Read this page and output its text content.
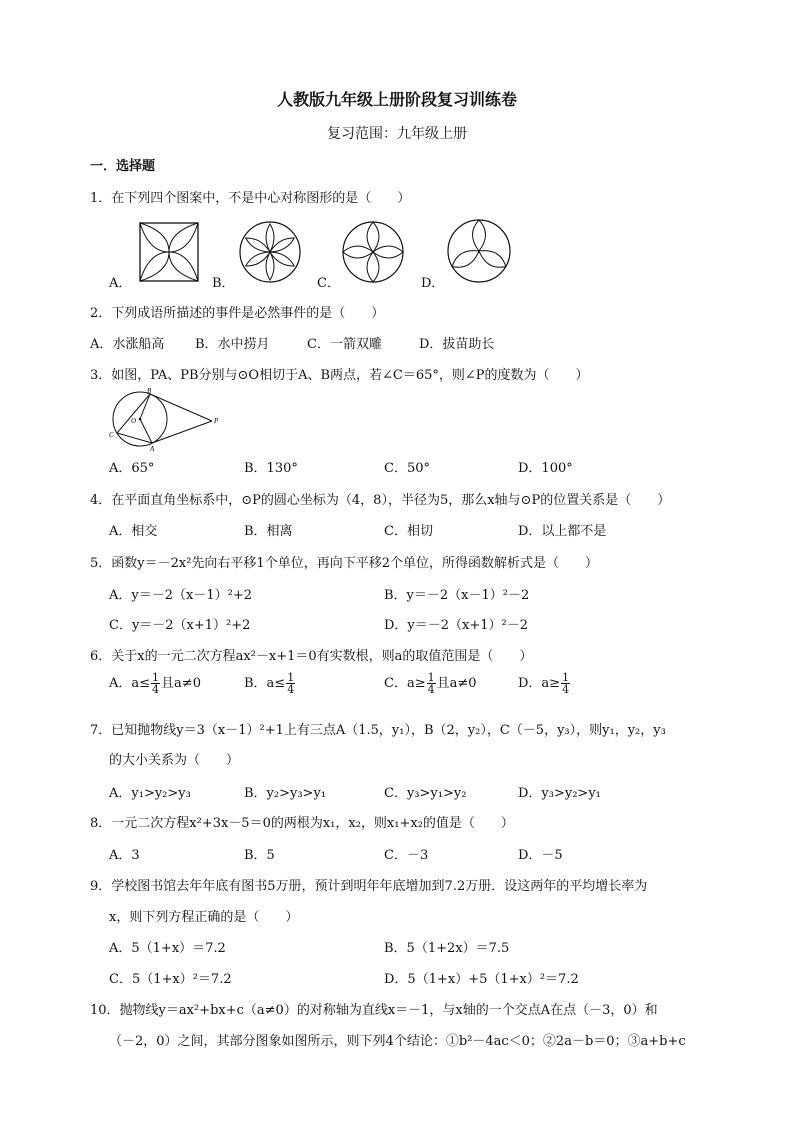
人教版九年级上册阶段复习训练卷
复习范围：九年级上册
一．选择题
1．在下列四个图案中，不是中心对称图形的是（　　）
A．	B．	C．	D．
2．下列成语所描述的事件是必然事件的是（　　）
A．水涨船高 B．水中捞月	C．一箭双雕	D．拔苗助长
3．如图，PA、PB分别与⊙O相切于A、B两点，若∠C＝65°，则∠P的度数为（　　）
B
O
C
A
P
A．65°	B．130°	C．50°	D．100°
4．在平面直角坐标系中，⊙P的圆心坐标为（4，8），半径为5，那么x轴与⊙P的位置关系是（　　）
A．相交	B．相离	C．相切	D．以上都不是
5．函数y＝－2x²先向右平移1个单位，再向下平移2个单位，所得函数解析式是（　　）
A．y＝－2（x－1）²+2	B．y＝－2（x－1）²－2
C．y＝－2（x+1）²+2	D．y＝－2（x+1）²－2
6．关于x的一元二次方程ax²－x+1＝0有实数根，则a的取值范围是（　　）
A．$a\le \frac{1}{4}$ 且a≠0	B．$a\le \frac{1}{4}$	C．$a\ge \frac{1}{4}$ 且a≠0	D．$a\ge \frac{1}{4}$
7．已知抛物线y＝3（x－1）²+1上有三点A（1.5，y₁），B（2，y₂），C（－5，y₃），则y₁，y₂，y₃
的大小关系为（　　）
A．y₁>y₂>y₃	B．y₂>y₃>y₁	C．y₃>y₁>y₂	D．y₃>y₂>y₁
8．一元二次方程x²+3x－5＝0的两根为x₁，x₂，则x₁+x₂的值是（　　）
A．3	B．5	C．－3	D．－5
9．学校图书馆去年年底有图书5万册，预计到明年年底增加到7.2万册．设这两年的平均增长率为
x，则下列方程正确的是（　　）
A．5（1+x）＝7.2	B．5（1+2x）＝7.5
C．5（1+x）²＝7.2	D．5（1+x）+5（1+x）²＝7.2
10．抛物线y＝ax²+bx+c（a≠0）的对称轴为直线x＝－1，与x轴的一个交点A在点（－3，0）和
（－2，0）之间，其部分图象如图所示，则下列4个结论：①b²－4ac＜0；②2a－b＝0；③a+b+c
